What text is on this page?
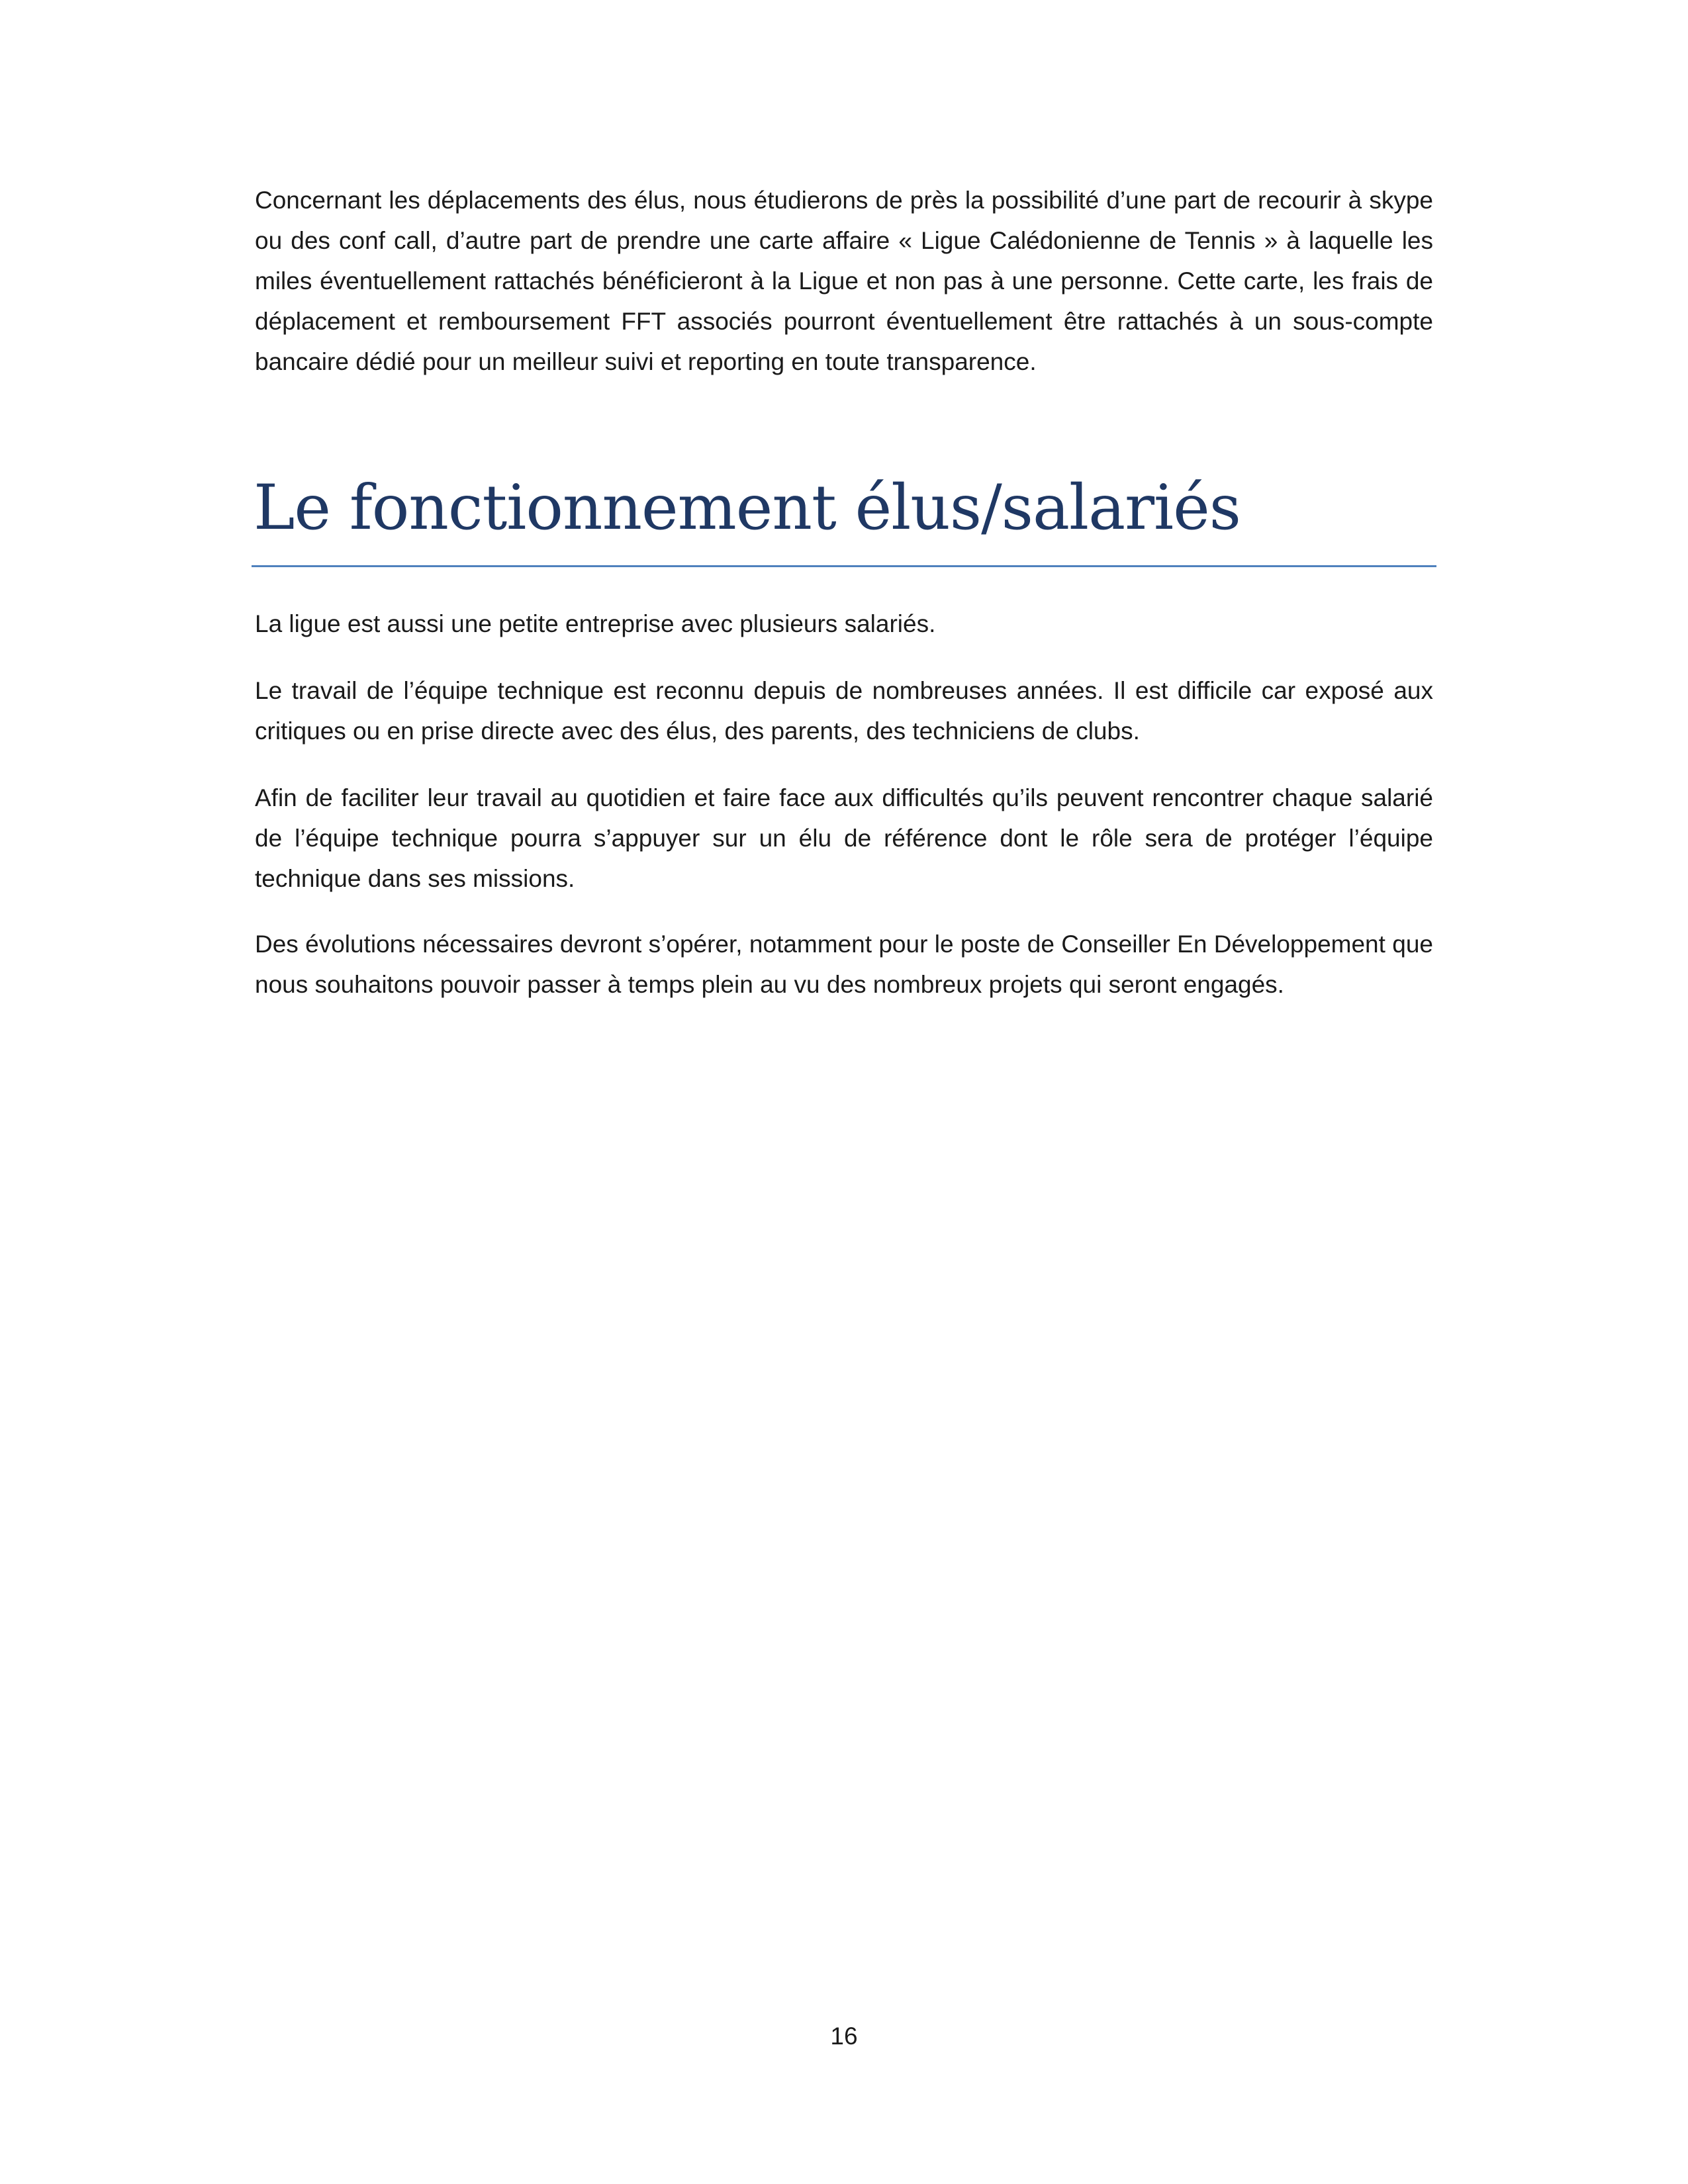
Concernant les déplacements des élus, nous étudierons de près la possibilité d’une part de recourir à skype ou des conf call, d’autre part de prendre une carte affaire « Ligue Calédonienne de Tennis » à laquelle les miles éventuellement rattachés bénéficieront à la Ligue et non pas à une personne. Cette carte, les frais de déplacement et remboursement FFT associés pourront éventuellement être rattachés à un sous-compte bancaire dédié pour un meilleur suivi et reporting en toute transparence.

Le fonctionnement élus/salariés

La ligue est aussi une petite entreprise avec plusieurs salariés.

Le travail de l’équipe technique est reconnu depuis de nombreuses années. Il est difficile car exposé aux critiques ou en prise directe avec des élus, des parents, des techniciens de clubs.

Afin de faciliter leur travail au quotidien et faire face aux difficultés qu’ils peuvent rencontrer chaque salarié de l’équipe technique pourra s’appuyer sur un élu de référence dont le rôle sera de protéger l’équipe technique dans ses missions.

Des évolutions nécessaires devront s’opérer, notamment pour le poste de Conseiller En Développement que nous souhaitons pouvoir passer à temps plein au vu des nombreux projets qui seront engagés.

16
